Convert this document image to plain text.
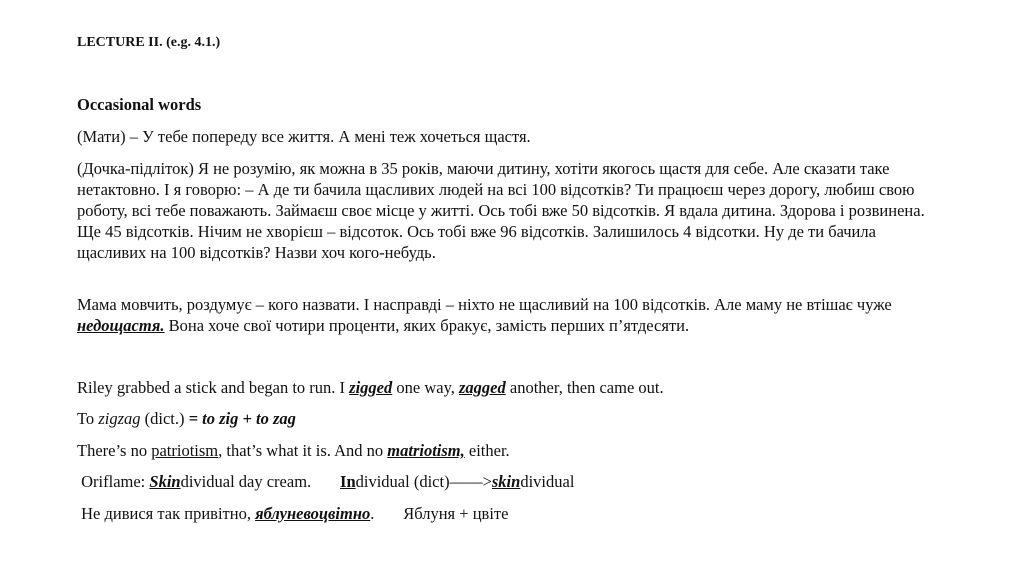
LECTURE II. (e.g. 4.1.)
Occasional words
(Мати) – У тебе попереду все життя. А мені теж хочеться щастя.
(Дочка-підліток) Я не розумію, як можна в 35 років, маючи дитину, хотіти якогось щастя для себе. Але сказати таке нетактовно. І я говорю: – А де ти бачила щасливих людей на всі 100 відсотків? Ти працюєш через дорогу, любиш свою роботу, всі тебе поважають. Займаєш своє місце у житті. Ось тобі вже 50 відсотків. Я вдала дитина. Здорова і розвинена. Ще 45 відсотків. Нічим не хворієш – відсоток. Ось тобі вже 96 відсотків. Залишилось 4 відсотки. Ну де ти бачила щасливих на 100 відсотків? Назви хоч кого-небудь.
Мама мовчить, роздумує – кого назвати. І насправді – ніхто не щасливий на 100 відсотків. Але маму не втішає чуже недощастя. Вона хоче свої чотири проценти, яких бракує, замість перших п’ятдесяти.
Riley grabbed a stick and began to run. I zigged one way, zagged another, then came out.
To zigzag (dict.) = to zig + to zag
There’s no patriotism, that’s what it is. And no matriotism, either.
Oriflame: Skindividual day cream.       Individual (dict)——>skindividual
Не дивися так привітно, яблуневоцвітно.       Яблуня + цвіте
